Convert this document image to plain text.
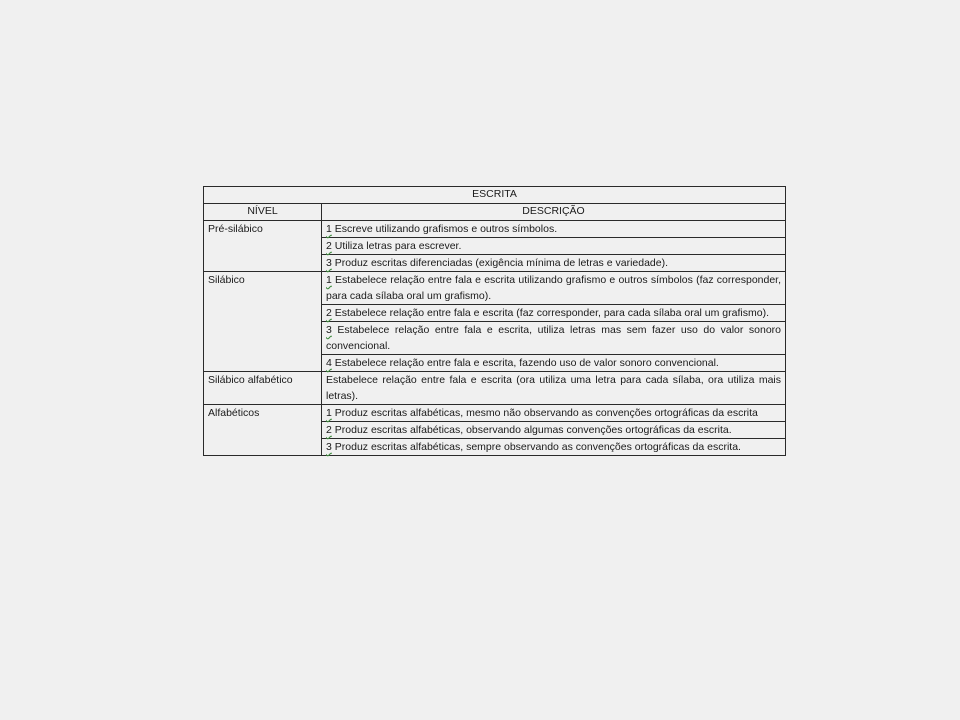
ESCRITA	
NÍVEL	DESCRIÇÃO
Pré-silábico	1 Escreve utilizando grafismos e outros símbolos.
	2 Utiliza letras para escrever.
	3 Produz escritas diferenciadas (exigência mínima de letras e variedade).
Silábico	1 Estabelece relação entre fala e escrita utilizando grafismo e outros símbolos (faz corresponder, para cada sílaba oral um grafismo).
	2 Estabelece relação entre fala e escrita (faz corresponder, para cada sílaba oral um grafismo).
	3 Estabelece relação entre fala e escrita, utiliza letras mas sem fazer uso do valor sonoro convencional.
	4 Estabelece relação entre fala e escrita, fazendo uso de valor sonoro convencional.
Silábico alfabético	Estabelece relação entre fala e escrita (ora utiliza uma letra para cada sílaba, ora utiliza mais letras).
Alfabéticos	1 Produz escritas alfabéticas, mesmo não observando as convenções ortográficas da escrita
	2 Produz escritas alfabéticas, observando algumas convenções ortográficas da escrita.
	3 Produz escritas alfabéticas, sempre observando as convenções ortográficas da escrita.
